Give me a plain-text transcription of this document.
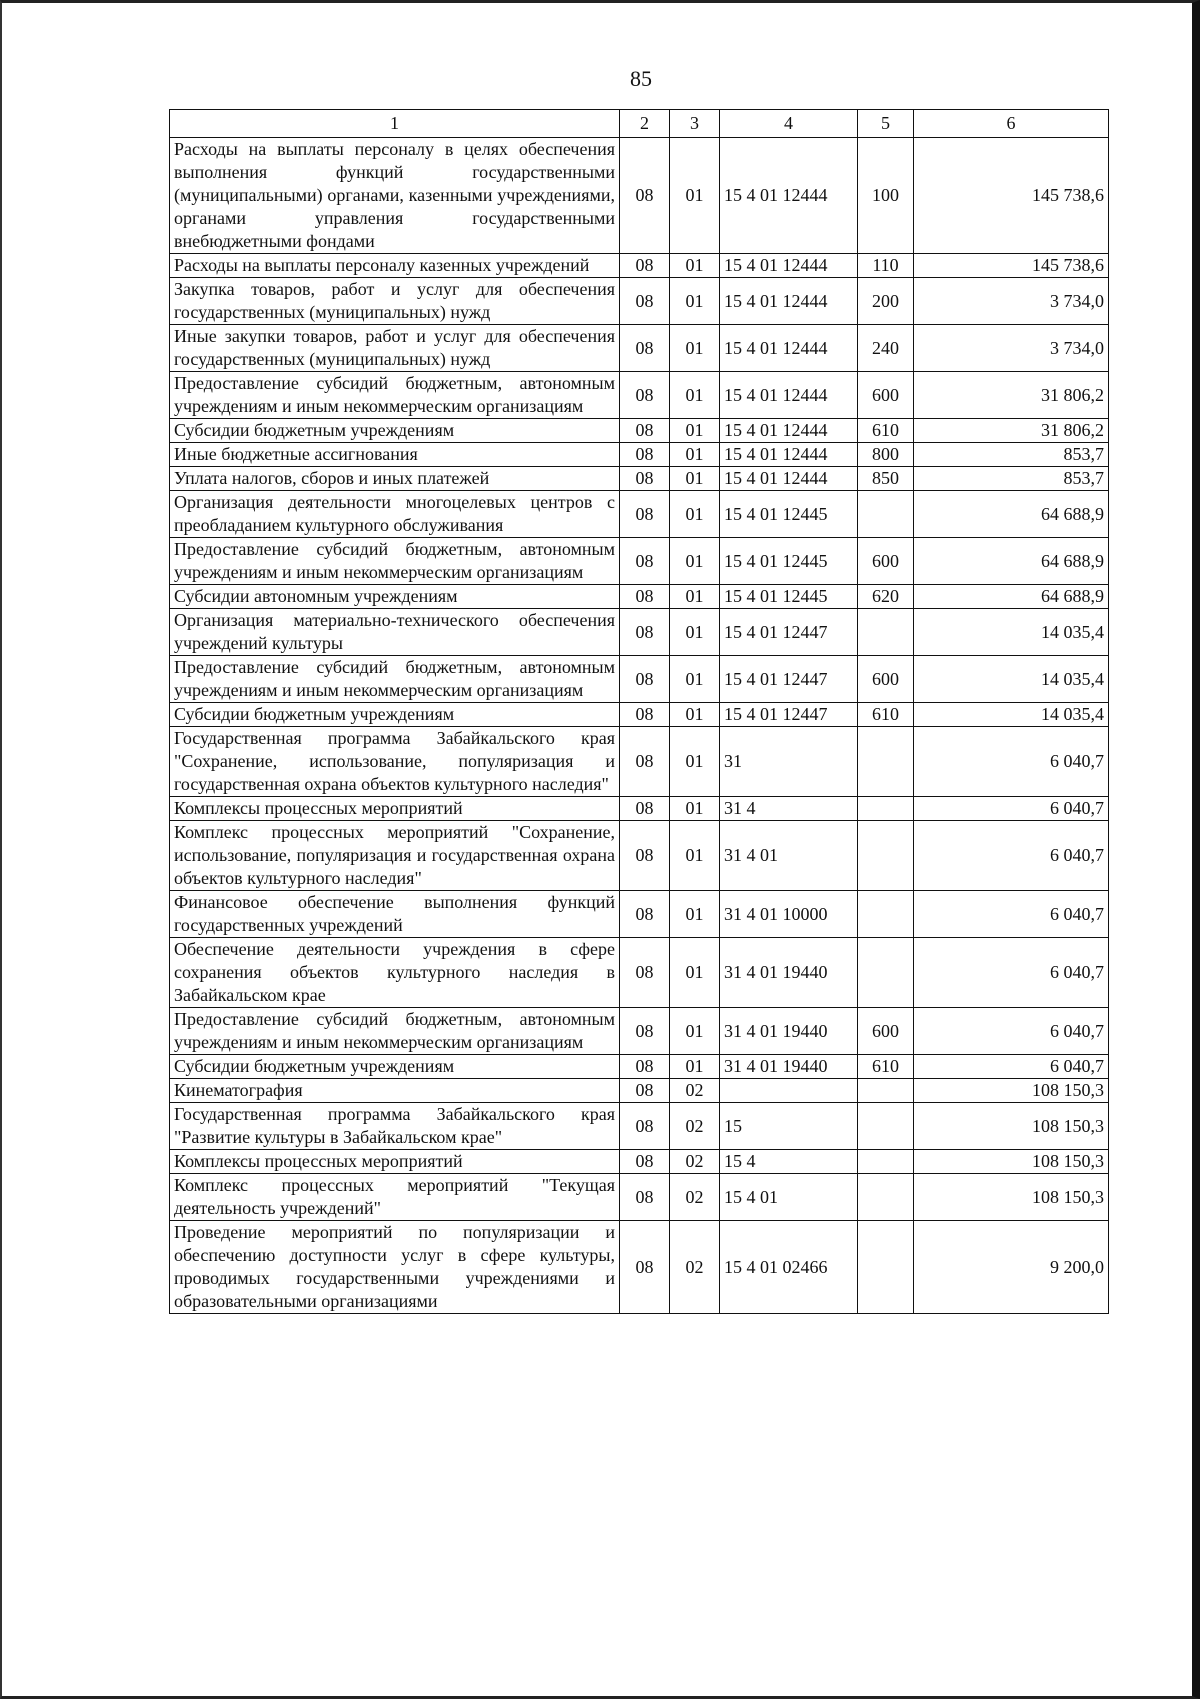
85
1	2	3	4	5	6
Расходы на выплаты персоналу в целях обеспечения выполнения функций государственными (муниципальными) органами, казенными учреждениями, органами управления государственными внебюджетными фондами	08	01	15 4 01 12444	100	145 738,6
Расходы на выплаты персоналу казенных учреждений	08	01	15 4 01 12444	110	145 738,6
Закупка товаров, работ и услуг для обеспечения государственных (муниципальных) нужд	08	01	15 4 01 12444	200	3 734,0
Иные закупки товаров, работ и услуг для обеспечения государственных (муниципальных) нужд	08	01	15 4 01 12444	240	3 734,0
Предоставление субсидий бюджетным, автономным учреждениям и иным некоммерческим организациям	08	01	15 4 01 12444	600	31 806,2
Субсидии бюджетным учреждениям	08	01	15 4 01 12444	610	31 806,2
Иные бюджетные ассигнования	08	01	15 4 01 12444	800	853,7
Уплата налогов, сборов и иных платежей	08	01	15 4 01 12444	850	853,7
Организация деятельности многоцелевых центров с преобладанием культурного обслуживания	08	01	15 4 01 12445		64 688,9
Предоставление субсидий бюджетным, автономным учреждениям и иным некоммерческим организациям	08	01	15 4 01 12445	600	64 688,9
Субсидии автономным учреждениям	08	01	15 4 01 12445	620	64 688,9
Организация материально-технического обеспечения учреждений культуры	08	01	15 4 01 12447		14 035,4
Предоставление субсидий бюджетным, автономным учреждениям и иным некоммерческим организациям	08	01	15 4 01 12447	600	14 035,4
Субсидии бюджетным учреждениям	08	01	15 4 01 12447	610	14 035,4
Государственная программа Забайкальского края "Сохранение, использование, популяризация и государственная охрана объектов культурного наследия"	08	01	31		6 040,7
Комплексы процессных мероприятий	08	01	31 4		6 040,7
Комплекс процессных мероприятий "Сохранение, использование, популяризация и государственная охрана объектов культурного наследия"	08	01	31 4 01		6 040,7
Финансовое обеспечение выполнения функций государственных учреждений	08	01	31 4 01 10000		6 040,7
Обеспечение деятельности учреждения в сфере сохранения объектов культурного наследия в Забайкальском крае	08	01	31 4 01 19440		6 040,7
Предоставление субсидий бюджетным, автономным учреждениям и иным некоммерческим организациям	08	01	31 4 01 19440	600	6 040,7
Субсидии бюджетным учреждениям	08	01	31 4 01 19440	610	6 040,7
Кинематография	08	02			108 150,3
Государственная программа Забайкальского края "Развитие культуры в Забайкальском крае"	08	02	15		108 150,3
Комплексы процессных мероприятий	08	02	15 4		108 150,3
Комплекс процессных мероприятий "Текущая деятельность учреждений"	08	02	15 4 01		108 150,3
Проведение мероприятий по популяризации и обеспечению доступности услуг в сфере культуры, проводимых государственными учреждениями и образовательными организациями	08	02	15 4 01 02466		9 200,0
